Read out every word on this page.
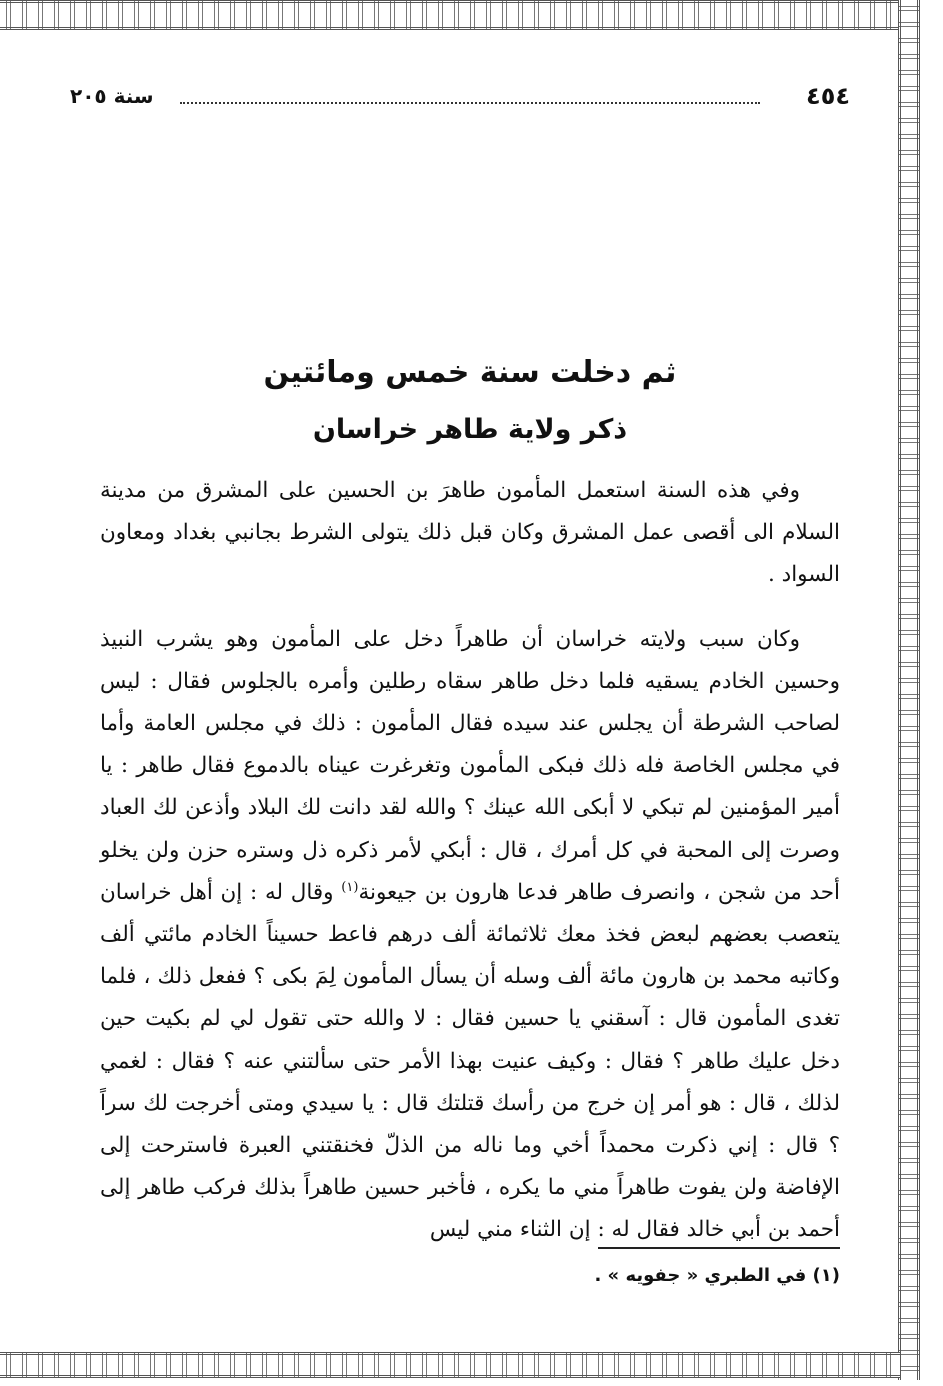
٤٥٤
سنة ٢٠٥
ثم دخلت سنة خمس ومائتين
ذكر ولاية طاهر خراسان

وفي هذه السنة استعمل المأمون طاهرَ بن الحسين على المشرق من مدينة السلام الى أقصى عمل المشرق وكان قبل ذلك يتولى الشرط بجانبي بغداد ومعاون السواد .

وكان سبب ولايته خراسان أن طاهراً دخل على المأمون وهو يشرب النبيذ وحسين الخادم يسقيه فلما دخل طاهر سقاه رطلين وأمره بالجلوس فقال : ليس لصاحب الشرطة أن يجلس عند سيده فقال المأمون : ذلك في مجلس العامة وأما في مجلس الخاصة فله ذلك فبكى المأمون وتغرغرت عيناه بالدموع فقال طاهر : يا أمير المؤمنين لم تبكي لا أبكى الله عينك ؟ والله لقد دانت لك البلاد وأذعن لك العباد وصرت إلى المحبة في كل أمرك ، قال : أبكي لأمر ذكره ذل وستره حزن ولن يخلو أحد من شجن ، وانصرف طاهر فدعا هارون بن جيعونة$^{(١)}$ وقال له : إن أهل خراسان يتعصب بعضهم لبعض فخذ معك ثلاثمائة ألف درهم فاعط حسيناً الخادم مائتي ألف وكاتبه محمد بن هارون مائة ألف وسله أن يسأل المأمون لِمَ بكى ؟ ففعل ذلك ، فلما تغدى المأمون قال : آسقني يا حسين فقال : لا والله حتى تقول لي لم بكيت حين دخل عليك طاهر ؟ فقال : وكيف عنيت بهذا الأمر حتى سألتني عنه ؟ فقال : لغمي لذلك ، قال : هو أمر إن خرج من رأسك قتلتك قال : يا سيدي ومتى أخرجت لك سراً ؟ قال : إني ذكرت محمداً أخي وما ناله من الذلّ فخنقتني العبرة فاسترحت إلى الإفاضة ولن يفوت طاهراً مني ما يكره ، فأخبر حسين طاهراً بذلك فركب طاهر إلى أحمد بن أبي خالد فقال له : إن الثناء مني ليس

(١) في الطبري « جفويه » .
